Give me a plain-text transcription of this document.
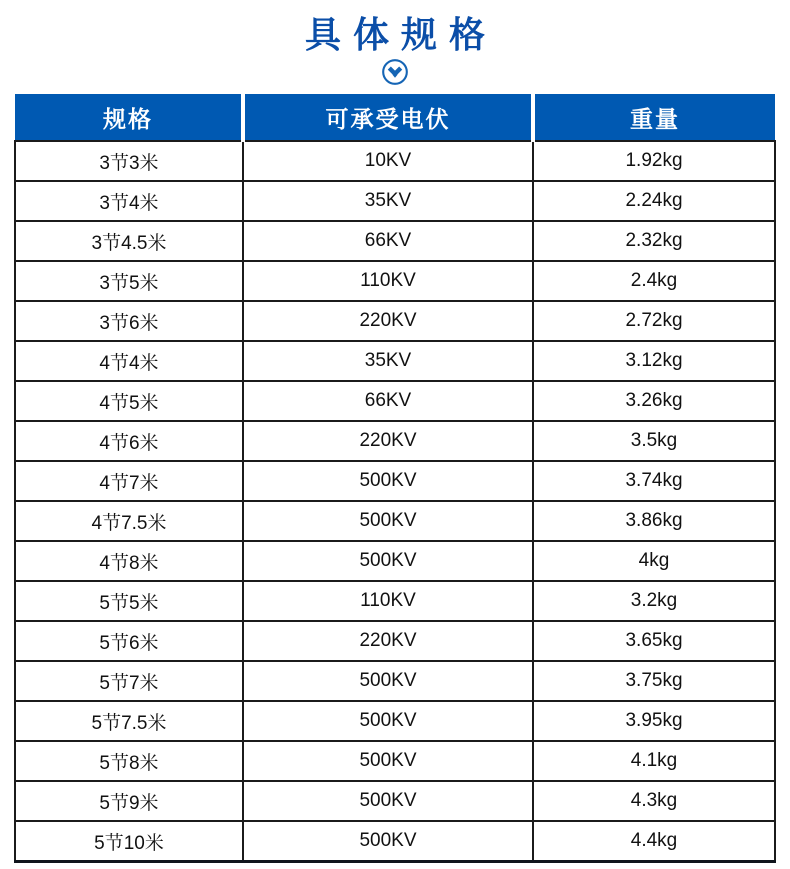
具体规格
规格	可承受电伏	重量
3节3米	10KV	1.92kg
3节4米	35KV	2.24kg
3节4.5米	66KV	2.32kg
3节5米	110KV	2.4kg
3节6米	220KV	2.72kg
4节4米	35KV	3.12kg
4节5米	66KV	3.26kg
4节6米	220KV	3.5kg
4节7米	500KV	3.74kg
4节7.5米	500KV	3.86kg
4节8米	500KV	4kg
5节5米	110KV	3.2kg
5节6米	220KV	3.65kg
5节7米	500KV	3.75kg
5节7.5米	500KV	3.95kg
5节8米	500KV	4.1kg
5节9米	500KV	4.3kg
5节10米	500KV	4.4kg
